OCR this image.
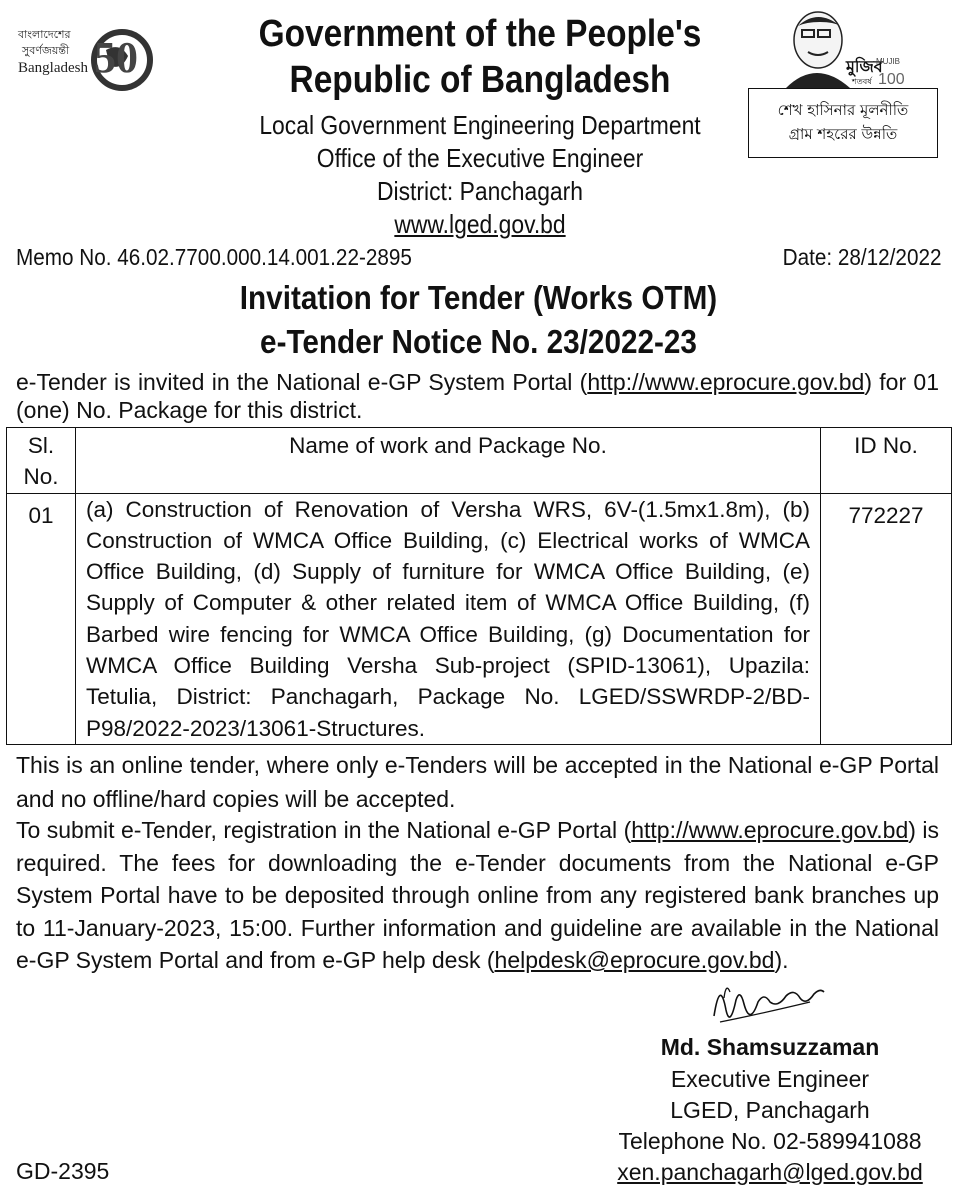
বাংলাদেশের
সুবর্ণজয়ন্তী
Bangladesh 50	মুজিব
MUJIB
শতবর্ষ 100
Government of the People's
Republic of Bangladesh
Local Government Engineering Department
Office of the Executive Engineer
District: Panchagarh
www.lged.gov.bd
শেখ হাসিনার মূলনীতি
গ্রাম শহরের উন্নতি
Memo No. 46.02.7700.000.14.001.22-2895	Date: 28/12/2022
Invitation for Tender (Works OTM)
e-Tender Notice No. 23/2022-23
e-Tender is invited in the National e-GP System Portal (http://www.eprocure.gov.bd) for 01 (one) No. Package for this district.
Sl. No.	Name of work and Package No.	ID No.
01	(a) Construction of Renovation of Versha WRS, 6V-(1.5mx1.8m), (b) Construction of WMCA Office Building, (c) Electrical works of WMCA Office Building, (d) Supply of furniture for WMCA Office Building, (e) Supply of Computer & other related item of WMCA Office Building, (f) Barbed wire fencing for WMCA Office Building, (g) Documentation for WMCA Office Building Versha Sub-project (SPID-13061), Upazila: Tetulia, District: Panchagarh, Package No. LGED/SSWRDP-2/BD-P98/2022-2023/13061-Structures.	772227
This is an online tender, where only e-Tenders will be accepted in the National e-GP Portal and no offline/hard copies will be accepted.
To submit e-Tender, registration in the National e-GP Portal (http://www.eprocure.gov.bd) is required. The fees for downloading the e-Tender documents from the National e-GP System Portal have to be deposited through online from any registered bank branches up to 11-January-2023, 15:00. Further information and guideline are available in the National e-GP System Portal and from e-GP help desk (helpdesk@eprocure.gov.bd).
Md. Shamsuzzaman
Executive Engineer
LGED, Panchagarh
Telephone No. 02-589941088
xen.panchagarh@lged.gov.bd
GD-2395
